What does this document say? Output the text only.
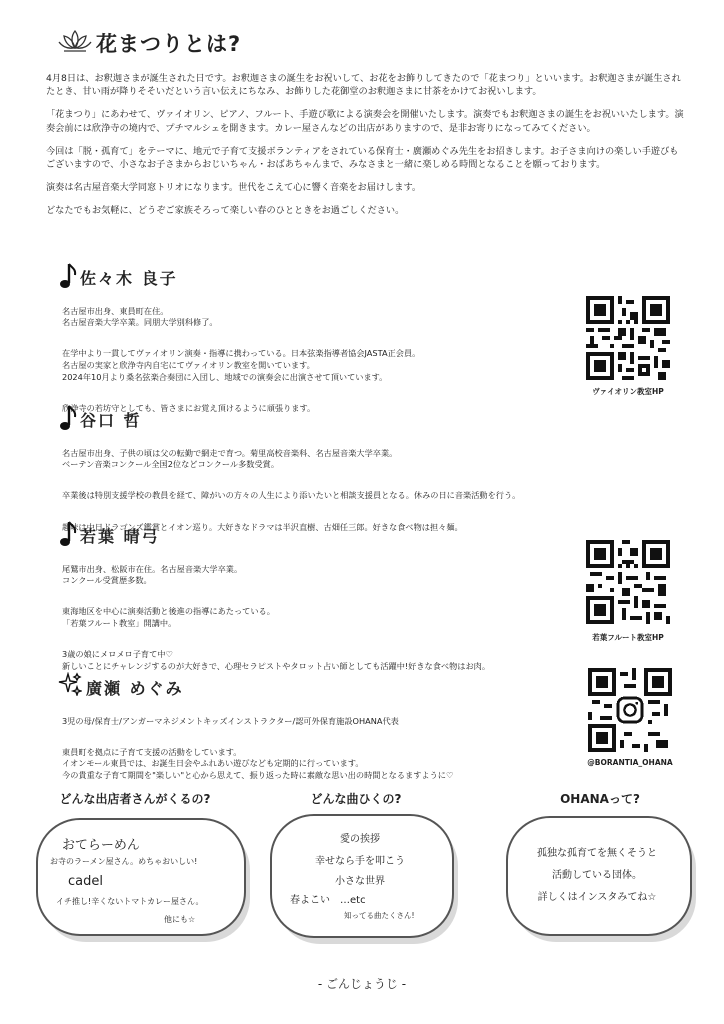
花まつりとは?

4月8日は、お釈迦さまが誕生された日です。お釈迦さまの誕生をお祝いして、お花をお飾りしてきたので「花まつり」といいます。お釈迦さまが誕生されたとき、甘い雨が降りそそいだという言い伝えにちなみ、お飾りした花御堂のお釈迦さまに甘茶をかけてお祝いします。

「花まつり」にあわせて、ヴァイオリン、ピアノ、フルート、手遊び歌による演奏会を開催いたします。演奏でもお釈迦さまの誕生をお祝いいたします。演奏会前には欣浄寺の境内で、プチマルシェを開きます。カレー屋さんなどの出店がありますので、是非お寄りになってみてください。

今回は「脱・孤育て」をテーマに、地元で子育て支援ボランティアをされている保育士・廣瀬めぐみ先生をお招きします。お子さま向けの楽しい手遊びもございますので、小さなお子さまからおじいちゃん・おばあちゃんまで、みなさまと一緒に楽しめる時間となることを願っております。

演奏は名古屋音楽大学同窓トリオになります。世代をこえて心に響く音楽をお届けします。

どなたでもお気軽に、どうぞご家族そろって楽しい春のひとときをお過ごしください。

佐々木 良子

名古屋市出身、東員町在住。
名古屋音楽大学卒業。同朋大学別科修了。

在学中より一貫してヴァイオリン演奏・指導に携わっている。日本弦楽指導者協会JASTA正会員。
名古屋の実家と欣浄寺内自宅にてヴァイオリン教室を開いています。
2024年10月より桑名弦楽合奏団に入団し、地域での演奏会に出演させて頂いています。

欣浄寺の若坊守としても、皆さまにお覚え頂けるように頑張ります。

ヴァイオリン教室HP
谷口 哲

名古屋市出身、子供の頃は父の転勤で網走で育つ。菊里高校音楽科、名古屋音楽大学卒業。
ベーテン音楽コンクール全国2位などコンクール多数受賞。

卒業後は特別支援学校の教員を経て、障がいの方々の人生により添いたいと相談支援員となる。休みの日に音楽活動を行う。

趣味は中日ドラゴンズ鑑賞とイオン巡り。大好きなドラマは半沢直樹、古畑任三郎。好きな食べ物は担々麺。

若葉 晴弓

尾鷲市出身、松阪市在住。名古屋音楽大学卒業。
コンクール受賞歴多数。

東海地区を中心に演奏活動と後進の指導にあたっている。
「若葉フルート教室」開講中。

3歳の娘にメロメロ子育て中♡
新しいことにチャレンジするのが大好きで、心理セラピストやタロット占い師としても活躍中!好きな食べ物はお肉。

若葉フルート教室HP
廣瀬 めぐみ

3児の母/保育士/アンガーマネジメントキッズインストラクター/認可外保育施設OHANA代表

東員町を拠点に子育て支援の活動をしています。
イオンモール東員では、お誕生日会やふれあい遊びなども定期的に行っています。
今の貴重な子育て期間を"楽しい"と心から思えて、振り返った時に素敵な思い出の時間となるますように♡

@BORANTIA_OHANA
どんな出店者さんがくるの?	どんな曲ひくの?	OHANAって?
おてらーめん
お寺のラーメン屋さん。めちゃおいしい!
cadel
イチ推し!辛くないトマトカレー屋さん。
他にも☆
愛の挨拶
幸せなら手を叩こう
小さな世界
春よこい　…etc
知ってる曲たくさん!
孤独な孤育てを無くそうと
活動している団体。
詳しくはインスタみてね☆
- ごんじょうじ -
